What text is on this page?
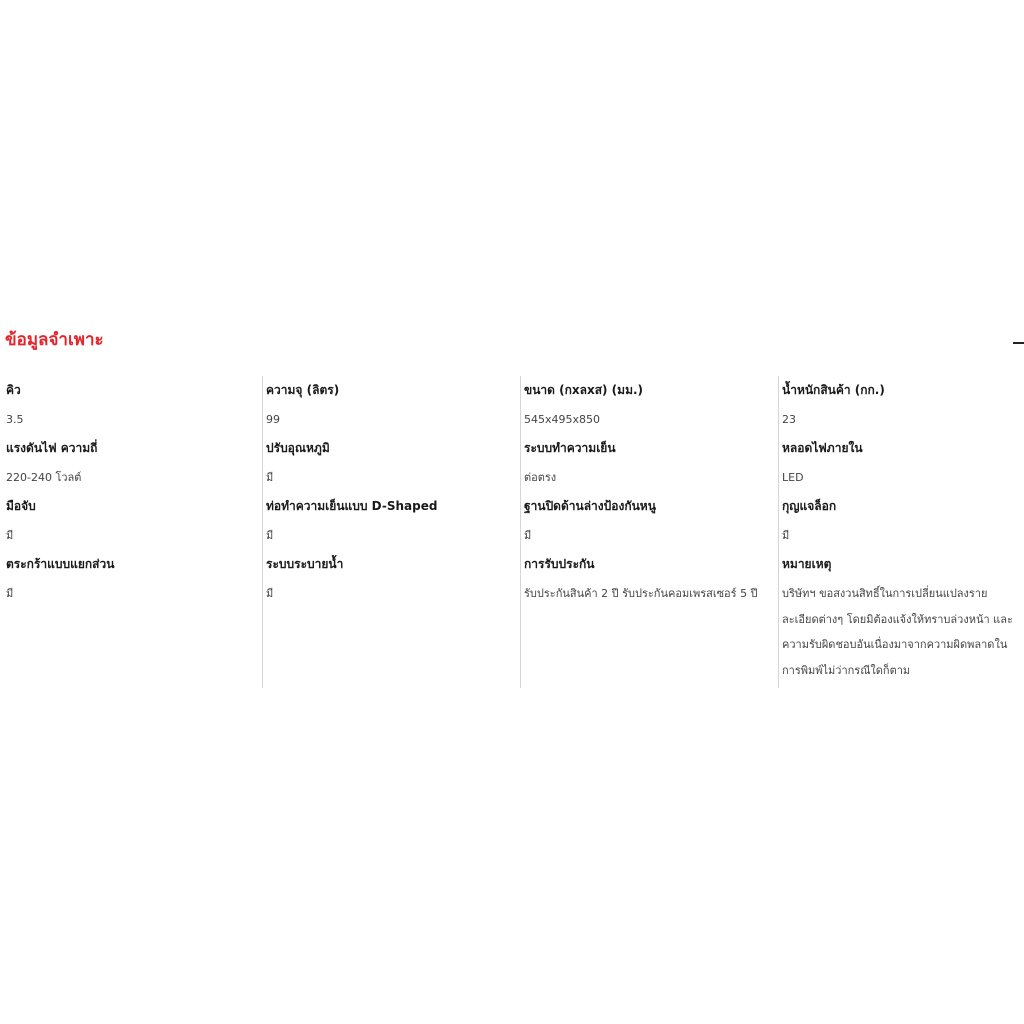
ข้อมูลจำเพาะ
คิว
3.5
แรงดันไฟ ความถี่
220-240 โวลต์
มือจับ
มี
ตระกร้าแบบแยกส่วน
มี
ความจุ (ลิตร)
99
ปรับอุณหภูมิ
มี
ท่อทำความเย็นแบบ D-Shaped
มี
ระบบระบายน้ำ
มี
ขนาด (กxลxส) (มม.)
545x495x850
ระบบทำความเย็น
ต่อตรง
ฐานปิดด้านล่างป้องกันหนู
มี
การรับประกัน
รับประกันสินค้า 2 ปี รับประกันคอมเพรสเซอร์ 5 ปี
น้ำหนักสินค้า (กก.)
23
หลอดไฟภายใน
LED
กุญแจล็อก
มี
หมายเหตุ
บริษัทฯ ขอสงวนสิทธิ์ในการเปลี่ยนแปลงรายละเอียดต่างๆ โดยมิต้องแจ้งให้ทราบล่วงหน้า และความรับผิดชอบอันเนื่องมาจากความผิดพลาดในการพิมพ์ไม่ว่ากรณีใดก็ตาม
